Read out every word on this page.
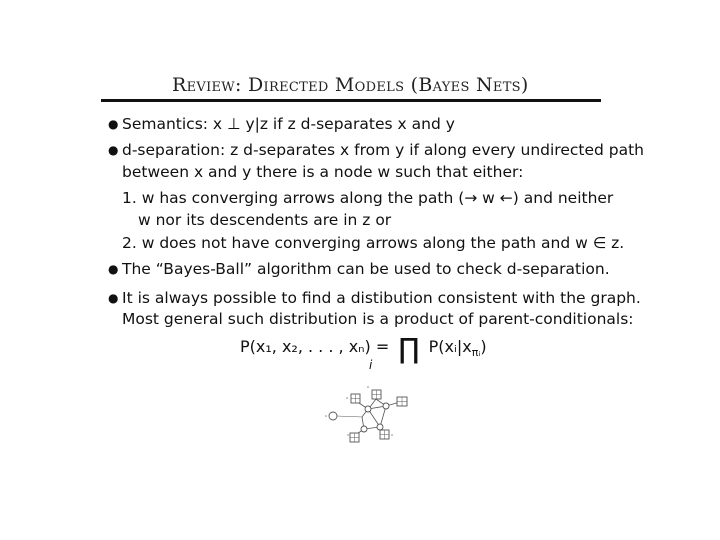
Review: Directed Models (Bayes Nets)
● Semantics: x ⊥ y|z if z d-separates x and y
● d-separation: z d-separates x from y if along every undirected path
between x and y there is a node w such that either:
1. w has converging arrows along the path (→ w ←) and neither
w nor its descendents are in z or
2. w does not have converging arrows along the path and w ∈ z.
● The “Bayes-Ball” algorithm can be used to check d-separation.
● It is always possible to find a distibution consistent with the graph.
Most general such distribution is a product of parent-conditionals:
P(x₁, x₂, . . . , xₙ) = ∏
i
$P(xᵢ|x_{\pi ᵢ})$
